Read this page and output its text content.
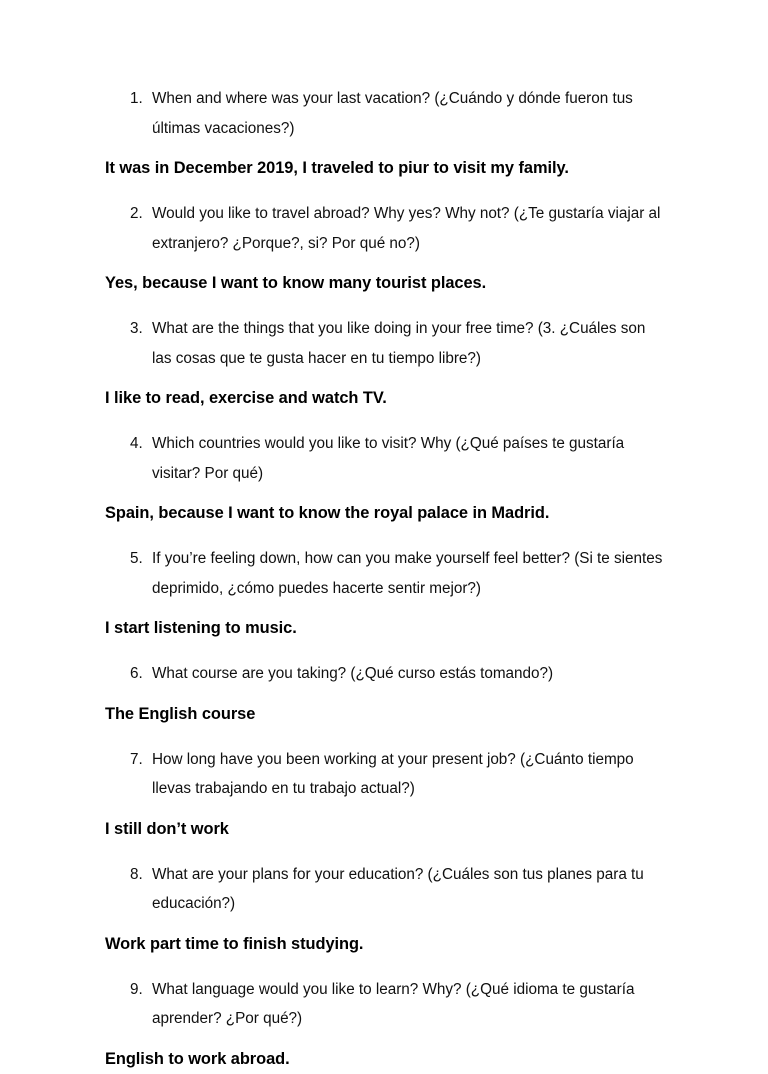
1. When and where was your last vacation? (¿Cuándo y dónde fueron tus últimas vacaciones?)

It was in December 2019, I traveled to piur to visit my family.

2. Would you like to travel abroad? Why yes? Why not? (¿Te gustaría viajar al extranjero? ¿Porque?, si? Por qué no?)

Yes, because I want to know many tourist places.

3. What are the things that you like doing in your free time? (3. ¿Cuáles son las cosas que te gusta hacer en tu tiempo libre?)

I like to read, exercise and watch TV.

4. Which countries would you like to visit? Why (¿Qué países te gustaría visitar? Por qué)

Spain, because I want to know the royal palace in Madrid.

5. If you’re feeling down, how can you make yourself feel better? (Si te sientes deprimido, ¿cómo puedes hacerte sentir mejor?)

I start listening to music.

6. What course are you taking? (¿Qué curso estás tomando?)

The English course

7. How long have you been working at your present job? (¿Cuánto tiempo llevas trabajando en tu trabajo actual?)

I still don’t work

8. What are your plans for your education? (¿Cuáles son tus planes para tu educación?)

Work part time to finish studying.

9. What language would you like to learn? Why? (¿Qué idioma te gustaría aprender? ¿Por qué?)

English to work abroad.
